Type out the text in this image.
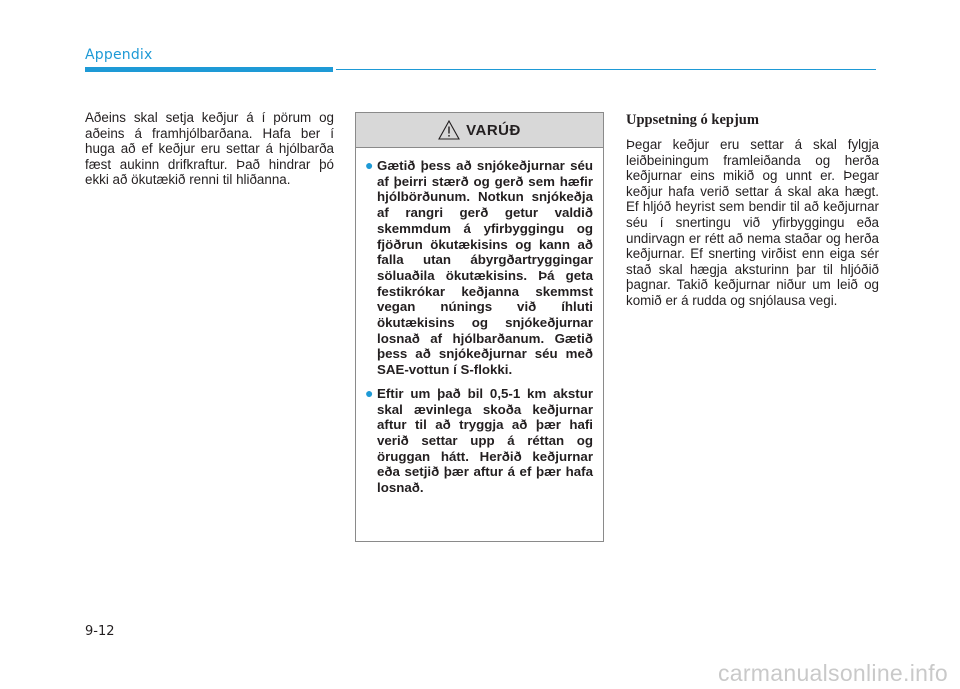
Appendix

Aðeins skal setja keðjur á í pörum og aðeins á framhjólbarðana. Hafa ber í huga að ef keðjur eru settar á hjólbarða fæst aukinn drifkraftur. Það hindrar þó ekki að ökutækið renni til hliðanna.

VARÚÐ
● Gætið þess að snjókeðjurnar séu af þeirri stærð og gerð sem hæfir hjólbörðunum. Notkun snjókeðja af rangri gerð getur valdið skemmdum á yfirbyggingu og fjöðrun ökutækisins og kann að falla utan ábyrgðartryggingar söluaðila ökutækisins. Þá geta festikrókar keðjanna skemmst vegan núnings við íhluti ökutækisins og snjókeðjurnar losnað af hjólbarðanum. Gætið þess að snjókeðjurnar séu með SAE-vottun í S-flokki.
● Eftir um það bil 0,5-1 km akstur skal ævinlega skoða keðjurnar aftur til að tryggja að þær hafi verið settar upp á réttan og öruggan hátt. Herðið keðjurnar eða setjið þær aftur á ef þær hafa losnað.
Uppsetning ó kepjum

Þegar keðjur eru settar á skal fylgja leiðbeiningum framleiðanda og herða keðjurnar eins mikið og unnt er. Þegar keðjur hafa verið settar á skal aka hægt. Ef hljóð heyrist sem bendir til að keðjurnar séu í snertingu við yfirbyggingu eða undirvagn er rétt að nema staðar og herða keðjurnar. Ef snerting virðist enn eiga sér stað skal hægja aksturinn þar til hljóðið þagnar. Takið keðjurnar niður um leið og komið er á rudda og snjólausa vegi.

9-12
carmanualsonline.info
